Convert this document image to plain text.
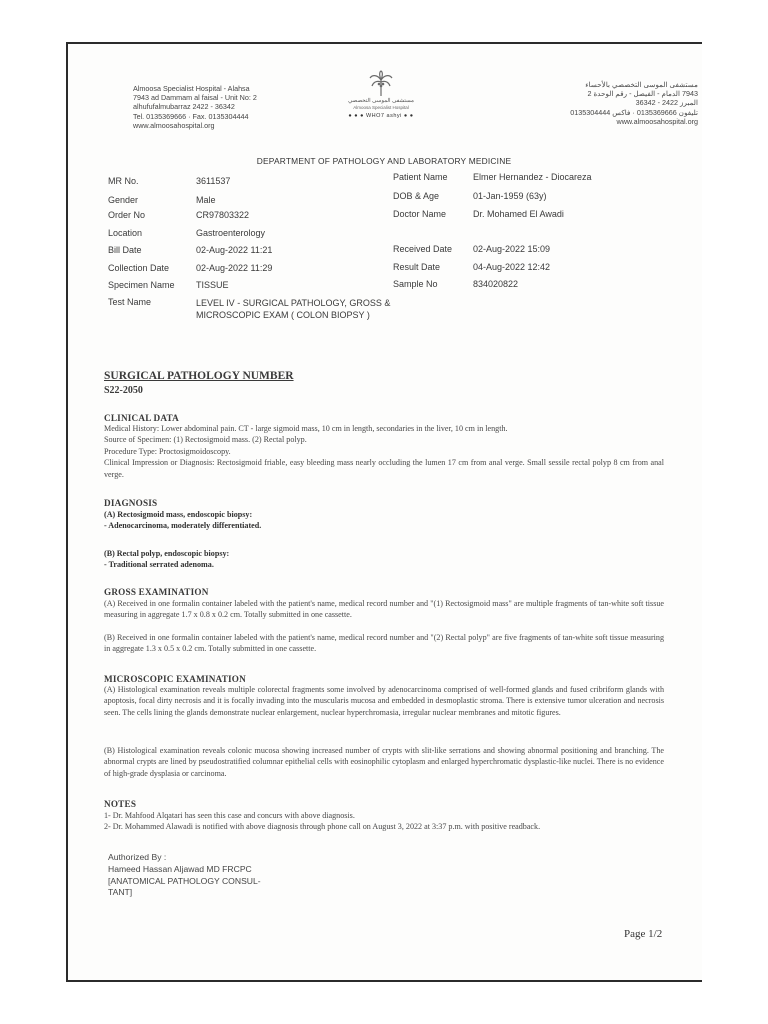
Almoosa Specialist Hospital - Alahsa
7943 ad Dammam al faisal - Unit No: 2
alhufufalmubarraz 2422 - 36342
Tel. 0135369666 · Fax. 0135304444
www.almoosahospital.org
مستشفى الموسى التخصصي
Almoosa Specialist Hospital
● ● ● WHO7 ashyi ● ●
مستشفى الموسى التخصصي بالأحساء
7943 الدمام - الفيصل - رقم الوحدة 2
المبرز 2422 - 36342
تليفون 0135369666 · فاكس 0135304444
www.almoosahospital.org
DEPARTMENT OF PATHOLOGY AND LABORATORY MEDICINE
MR No.	3611537
Gender	Male
Order No	CR97803322
Location	Gastroenterology
Bill Date	02-Aug-2022 11:21
Collection Date	02-Aug-2022 11:29
Specimen Name TISSUE
Test Name	LEVEL IV - SURGICAL PATHOLOGY, GROSS & MICROSCOPIC EXAM ( COLON BIOPSY )
Patient Name	Elmer Hernandez - Diocareza
DOB & Age	01-Jan-1959 (63y)
Doctor Name	Dr. Mohamed El Awadi
Received Date 02-Aug-2022 15:09
Result Date	04-Aug-2022 12:42
Sample No	834020822
SURGICAL PATHOLOGY NUMBER
S22-2050
CLINICAL DATA
Medical History: Lower abdominal pain. CT - large sigmoid mass, 10 cm in length, secondaries in the liver, 10 cm in length.
Source of Specimen: (1) Rectosigmoid mass. (2) Rectal polyp.
Procedure Type: Proctosigmoidoscopy.
Clinical Impression or Diagnosis: Rectosigmoid friable, easy bleeding mass nearly occluding the lumen 17 cm from anal verge. Small sessile rectal polyp 8 cm from anal verge.
DIAGNOSIS
(A) Rectosigmoid mass, endoscopic biopsy:
- Adenocarcinoma, moderately differentiated.
(B) Rectal polyp, endoscopic biopsy:
- Traditional serrated adenoma.
GROSS EXAMINATION
(A) Received in one formalin container labeled with the patient's name, medical record number and "(1) Rectosigmoid mass" are multiple fragments of tan-white soft tissue measuring in aggregate 1.7 x 0.8 x 0.2 cm. Totally submitted in one cassette.
(B) Received in one formalin container labeled with the patient's name, medical record number and "(2) Rectal polyp" are five fragments of tan-white soft tissue measuring in aggregate 1.3 x 0.5 x 0.2 cm. Totally submitted in one cassette.
MICROSCOPIC EXAMINATION
(A) Histological examination reveals multiple colorectal fragments some involved by adenocarcinoma comprised of well-formed glands and fused cribriform glands with apoptosis, focal dirty necrosis and it is focally invading into the muscularis mucosa and embedded in desmoplastic stroma. There is extensive tumor ulceration and necrosis seen. The cells lining the glands demonstrate nuclear enlargement, nuclear hyperchromasia, irregular nuclear membranes and mitotic figures.
(B) Histological examination reveals colonic mucosa showing increased number of crypts with slit-like serrations and showing abnormal positioning and branching. The abnormal crypts are lined by pseudostratified columnar epithelial cells with eosinophilic cytoplasm and enlarged hyperchromatic dysplastic-like nuclei. There is no evidence of high-grade dysplasia or carcinoma.
NOTES
1- Dr. Mahfood Alqatari has seen this case and concurs with above diagnosis.
2- Dr. Mohammed Alawadi is notified with above diagnosis through phone call on August 3, 2022 at 3:37 p.m. with positive readback.
Authorized By :
Hameed Hassan Aljawad MD FRCPC
[ANATOMICAL PATHOLOGY CONSUL-
TANT]
Page 1/2
